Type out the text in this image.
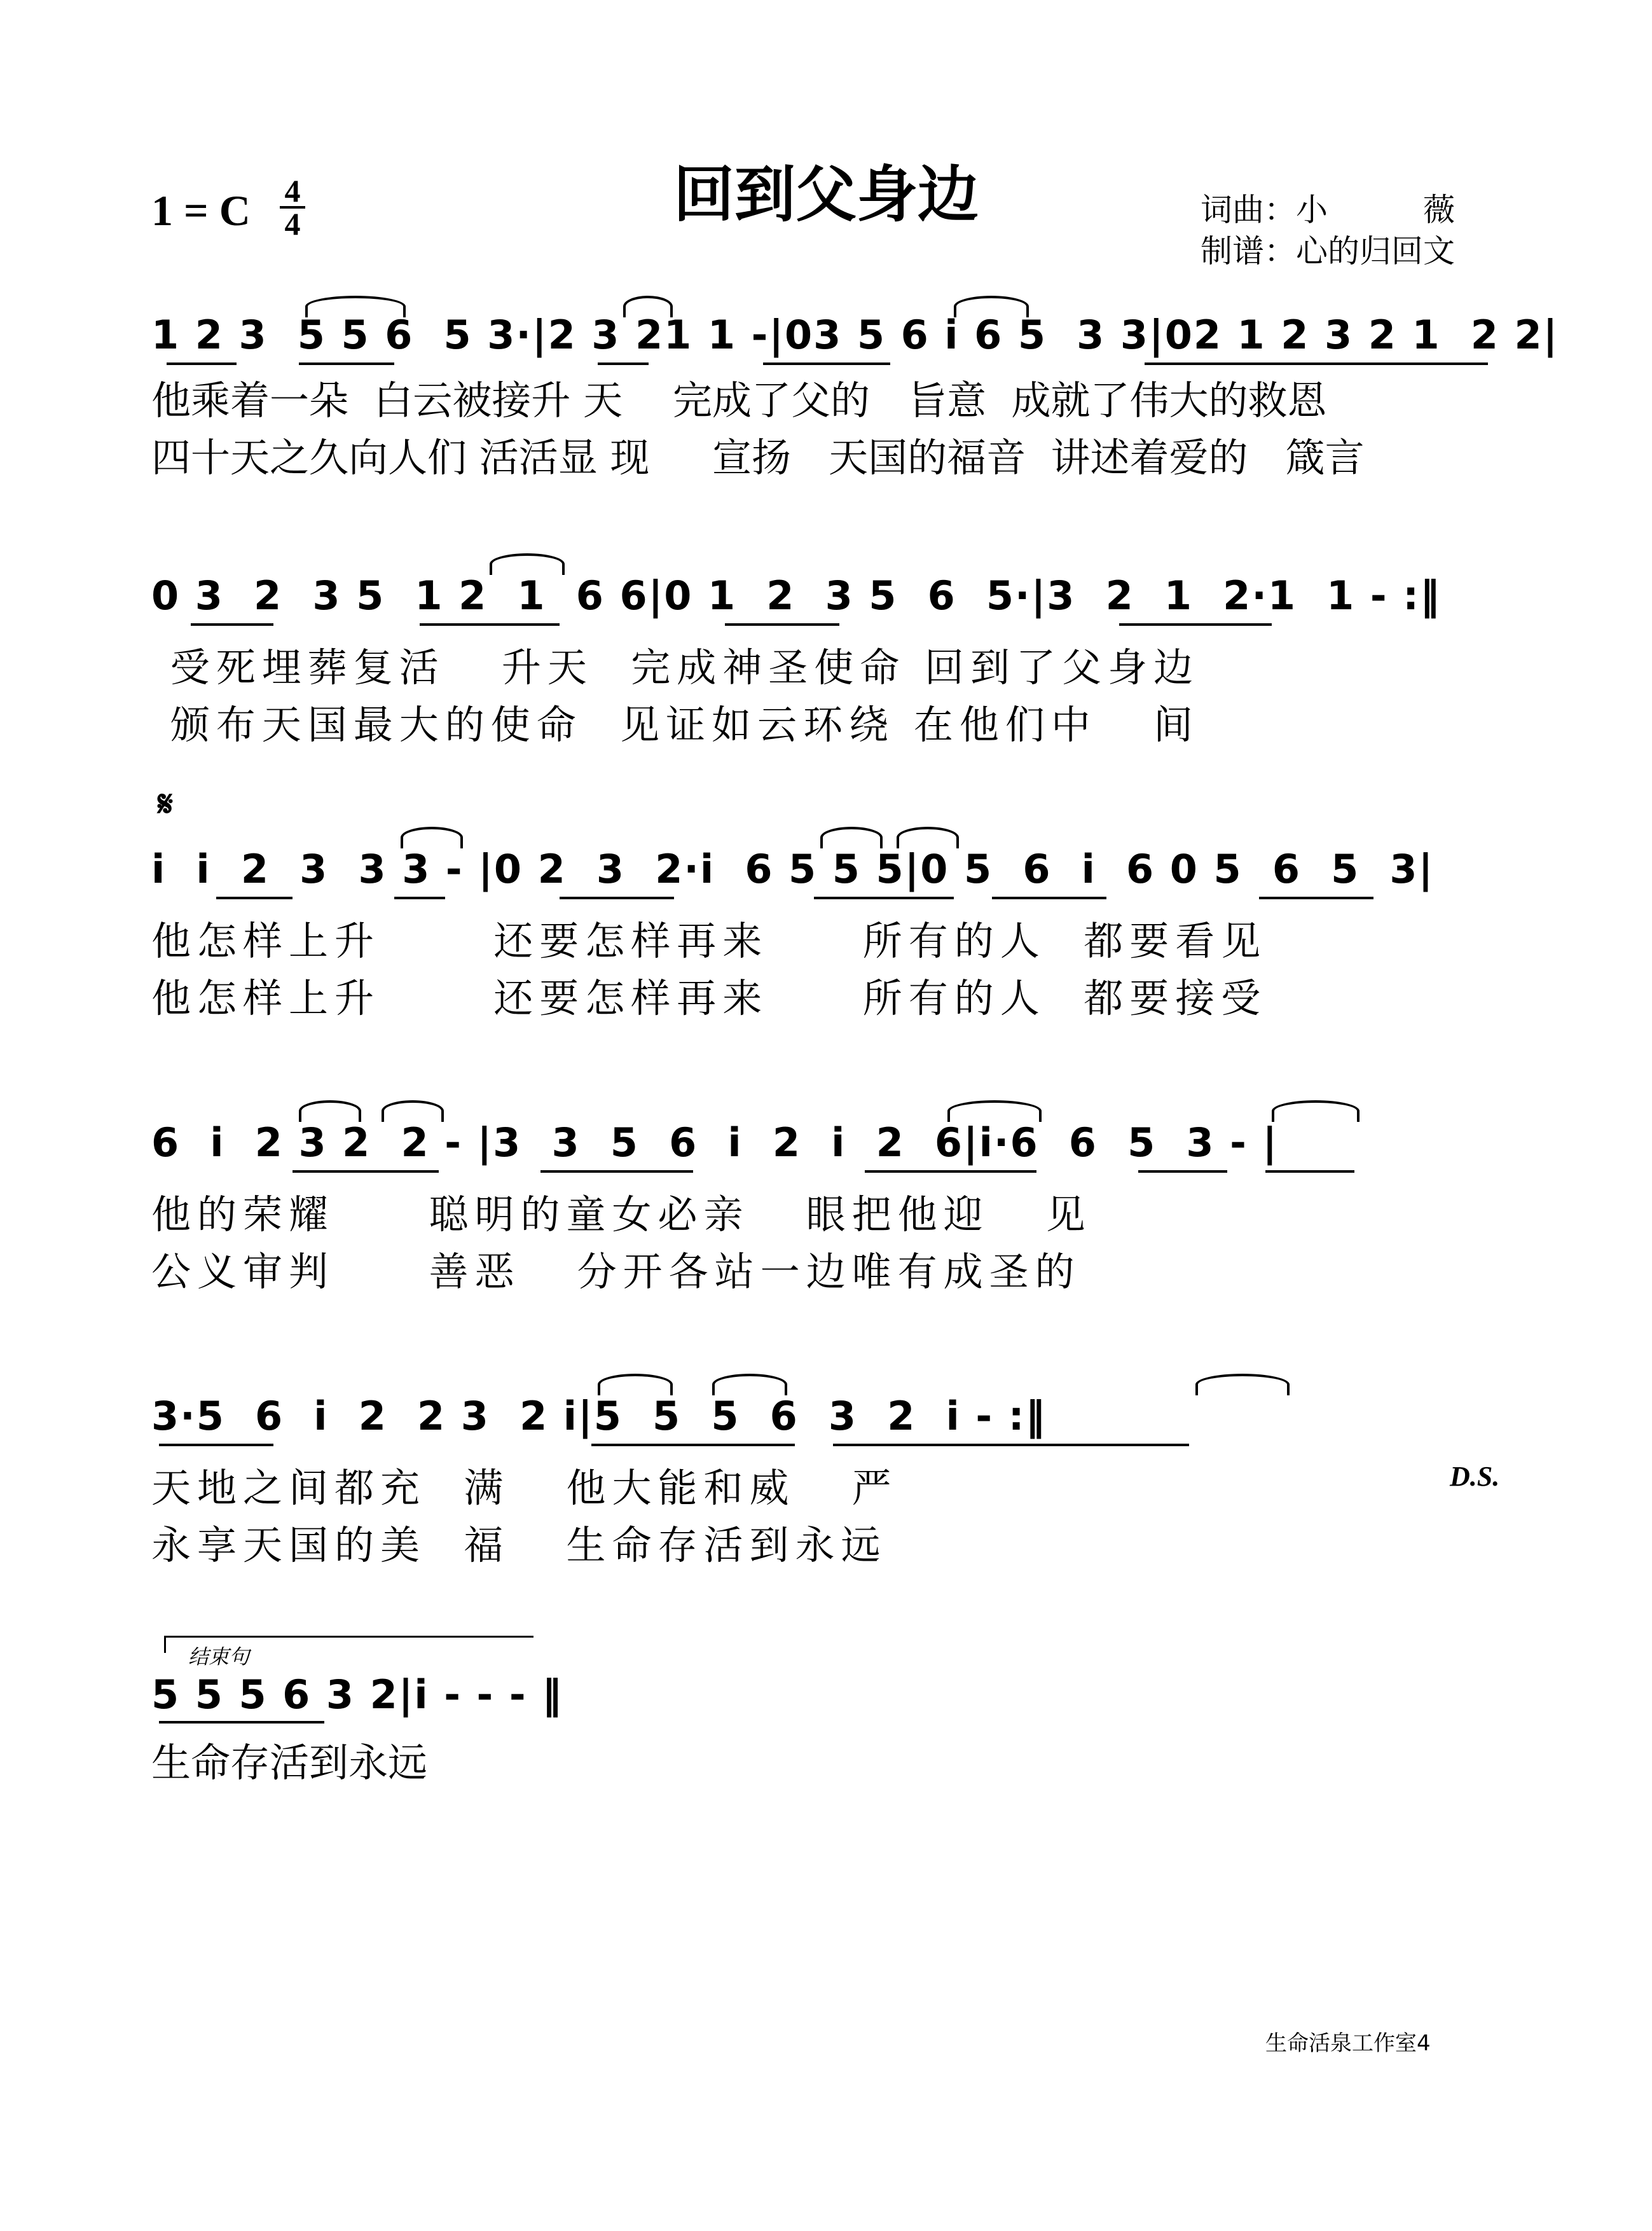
回到父身边
1 = C 4
4	词曲：小　　　薇
制谱：心的归回文
1 2 3  5 5 6  5 3·|2 3 21 1 -|03 5 6 i 6 5  3 3|02 1 2 3 2 1  2 2|
他乘着一朵  白云被接升 天    完成了父的   旨意  成就了伟大的救恩
四十天之久向人们 活活显 现     宣扬   天国的福音  讲述着爱的   箴言
0 3  2  3 5  1 2  1  6 6|0 1  2  3 5  6  5·|3  2  1  2·1  1 - :‖
受死埋葬复活   升天  完成神圣使命 回到了父身边
颁布天国最大的使命  见证如云环绕 在他们中   间
𝄋
i  i  2  3  3 3 - |0 2  3  2·i  6 5 5 5|0 5  6  i  6 0 5  6  5  3|
他怎样上升      还要怎样再来     所有的人  都要看见
他怎样上升      还要怎样再来     所有的人  都要接受
6  i  2 3 2  2 - |3  3  5  6  i  2  i  2  6|i·6  6  5  3 - |
他的荣耀     聪明的童女必亲   眼把他迎   见
公义审判     善恶   分开各站一边唯有成圣的
3·5  6  i  2  2 3  2 i|5  5  5  6  3  2  i - :‖
D.S.
天地之间都充  满   他大能和威   严
永享天国的美  福   生命存活到永远
结束句
5 5 5 6 3 2|i - - - ‖
生命存活到永远
生命活泉工作室4
